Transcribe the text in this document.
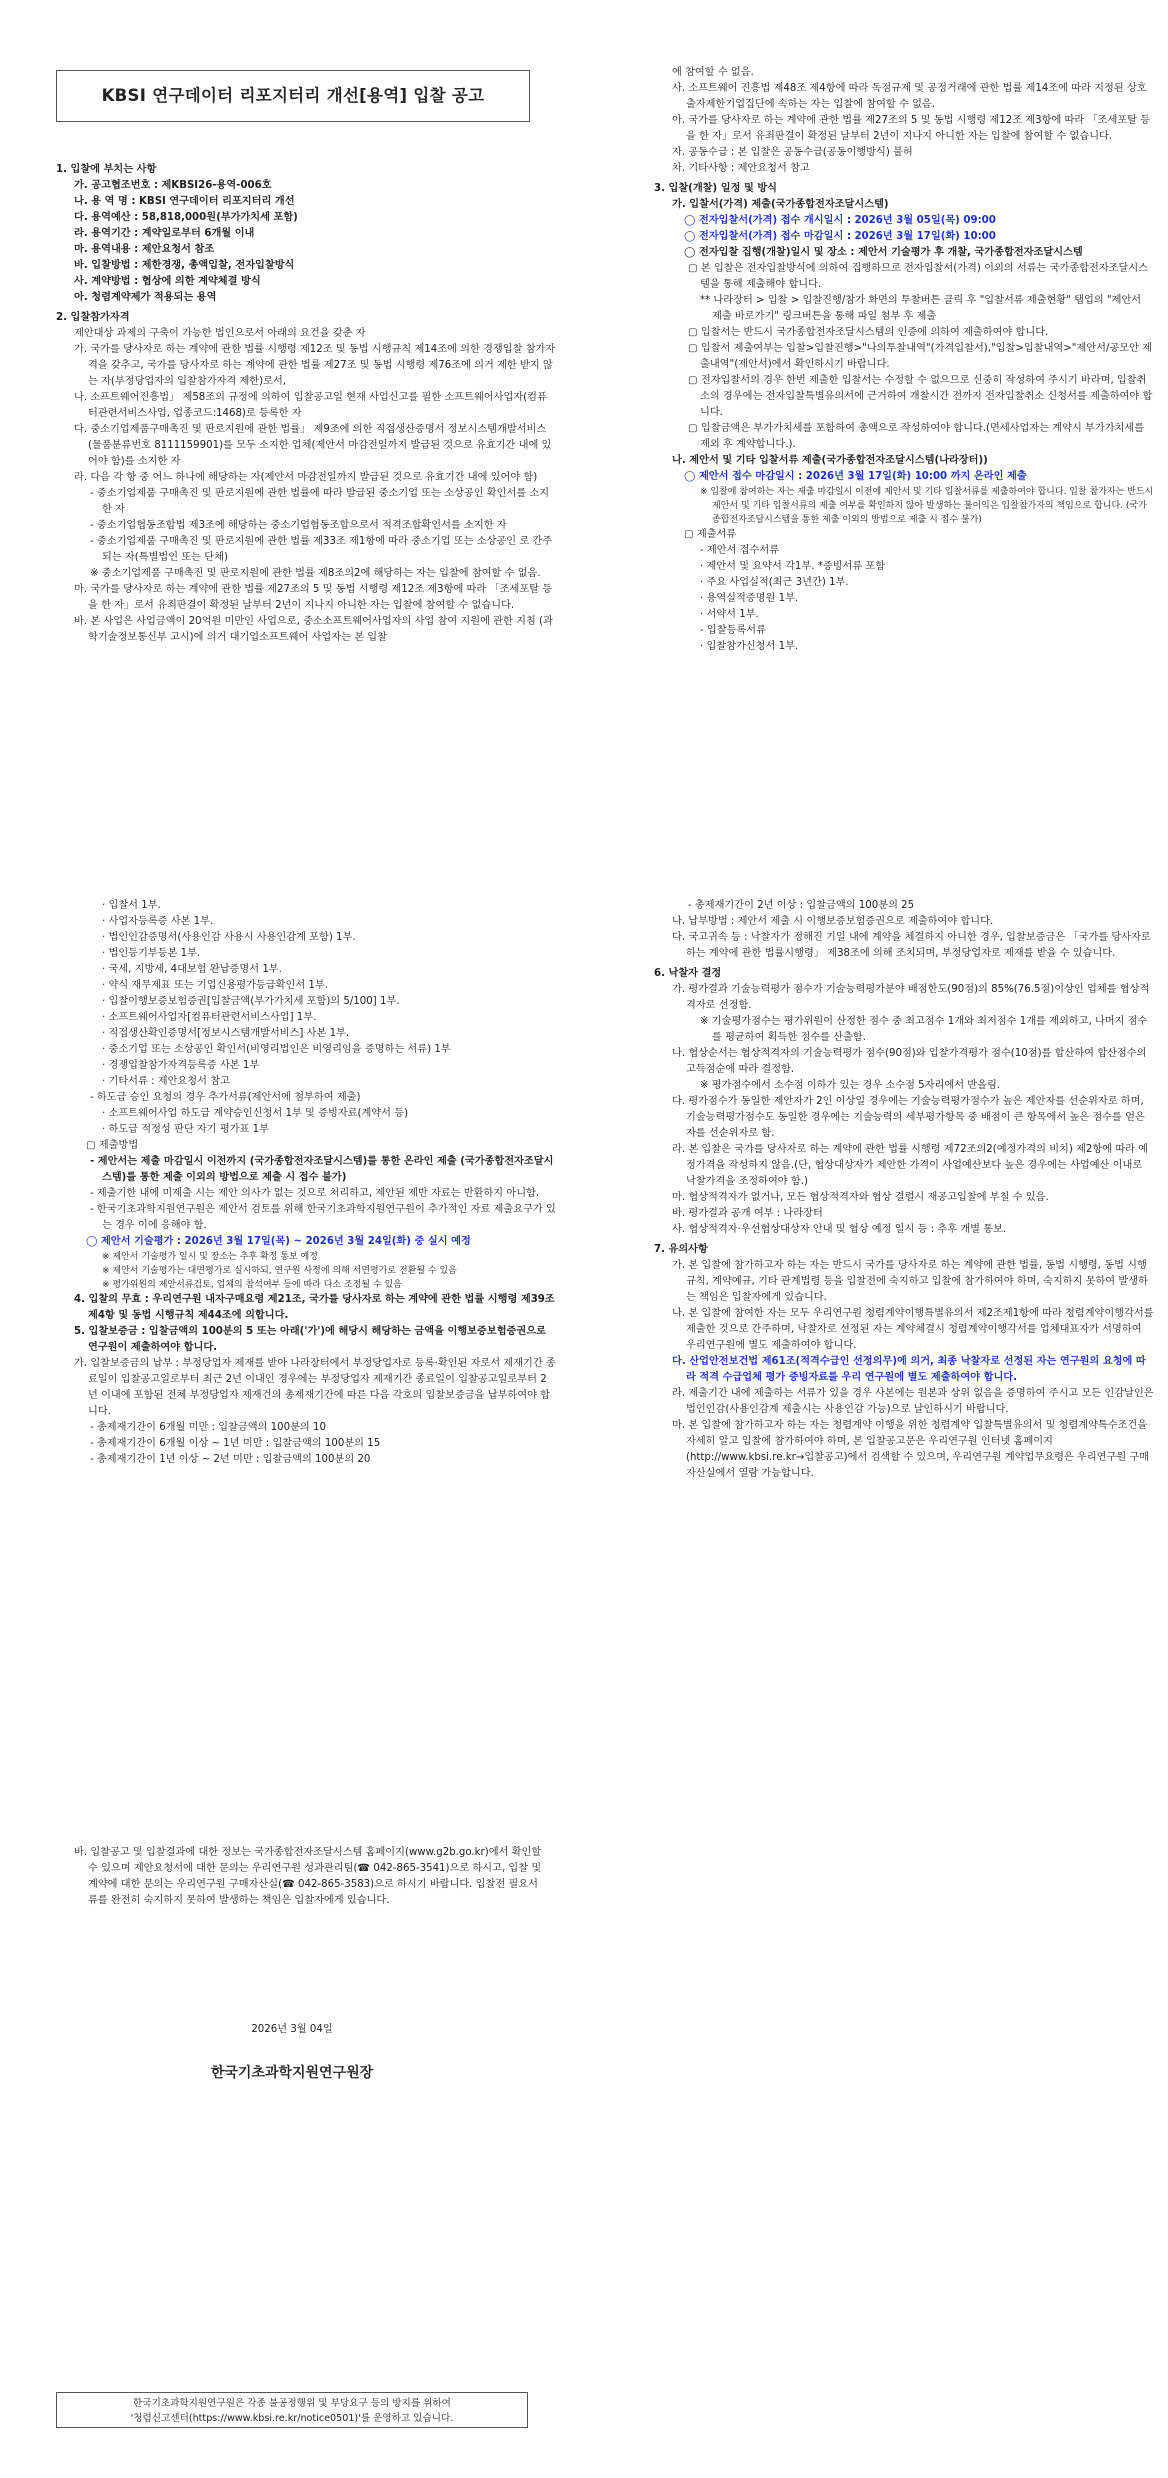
KBSI 연구데이터 리포지터리 개선[용역] 입찰 공고

1. 입찰에 부치는 사항

가. 공고협조번호 : 제KBSI26-용역-006호

나. 용 역 명 : KBSI 연구데이터 리포지터리 개선

다. 용역예산 : 58,818,000원(부가가치세 포함)

라. 용역기간 : 계약일로부터 6개월 이내

마. 용역내용 : 제안요청서 참조

바. 입찰방법 : 제한경쟁, 총액입찰, 전자입찰방식

사. 계약방법 : 협상에 의한 계약체결 방식

아. 청렴계약제가 적용되는 용역

2. 입찰참가자격

제안대상 과제의 구축이 가능한 법인으로서 아래의 요건을 갖춘 자

가. 국가를 당사자로 하는 계약에 관한 법률 시행령 제12조 및 동법 시행규칙 제14조에 의한 경쟁입찰 참가자격을 갖추고, 국가를 당사자로 하는 계약에 관한 법률 제27조 및 동법 시행령 제76조에 의거 제한 받지 않는 자(부정당업자의 입찰참가자격 제한)로서,

나. 소프트웨어진흥법」 제58조의 규정에 의하여 입찰공고일 현재 사업신고를 필한 소프트웨어사업자(컴퓨터관련서비스사업, 업종코드:1468)로 등록한 자

다. 중소기업제품구매촉진 및 판로지원에 관한 법률」 제9조에 의한 직접생산증명서 정보시스템개발서비스(물품분류번호 8111159901)를 모두 소지한 업체(제안서 마감전일까지 발급된 것으로 유효기간 내에 있어야 함)를 소지한 자

라. 다음 각 항 중 어느 하나에 해당하는 자(제안서 마감전일까지 발급된 것으로 유효기간 내에 있어야 함)

- 중소기업제품 구매촉진 및 판로지원에 관한 법률에 따라 발급된 중소기업 또는 소상공인 확인서를 소지한 자

- 중소기업협동조합법 제3조에 해당하는 중소기업협동조합으로서 적격조합확인서를 소지한 자

- 중소기업제품 구매촉진 및 판로지원에 관한 법률 제33조 제1항에 따라 중소기업 또는 소상공인 로 간주되는 자(특별법인 또는 단체)

※ 중소기업제품 구매촉진 및 판로지원에 관한 법률 제8조의2에 해당하는 자는 입찰에 참여할 수 없음.

마. 국가를 당사자로 하는 계약에 관한 법률 제27조의 5 및 동법 시행령 제12조 제3항에 따라 「조세포탈 등을 한 자」로서 유죄판결이 확정된 날부터 2년이 지나지 아니한 자는 입찰에 참여할 수 없습니다.

바. 본 사업은 사업금액이 20억원 미만인 사업으로, 중소소프트웨어사업자의 사업 참여 지원에 관한 지침 (과학기술정보통신부 고시)에 의거 대기업소프트웨어 사업자는 본 입찰

에 참여할 수 없음.

사. 소프트웨어 진흥법 제48조 제4항에 따라 독점규제 및 공정거래에 관한 법률 제14조에 따라 지정된 상호출자제한기업집단에 속하는 자는 입찰에 참여할 수 없음.

아. 국가를 당사자로 하는 계약에 관한 법률 제27조의 5 및 동법 시행령 제12조 제3항에 따라 「조세포탈 등을 한 자」로서 유죄판결이 확정된 날부터 2년이 지나지 아니한 자는 입찰에 참여할 수 없습니다.

자. 공동수급 : 본 입찰은 공동수급(공동이행방식) 불허

차. 기타사항 : 제안요청서 참고

3. 입찰(개찰) 일정 및 방식

가. 입찰서(가격) 제출(국가종합전자조달시스템)

◯ 전자입찰서(가격) 접수 개시일시 : 2026년 3월 05일(목) 09:00

◯ 전자입찰서(가격) 접수 마감일시 : 2026년 3월 17일(화) 10:00

◯ 전자입찰 집행(개찰)일시 및 장소 : 제안서 기술평가 후 개찰, 국가종합전자조달시스템

▢ 본 입찰은 전자입찰방식에 의하여 집행하므로 전자입찰서(가격) 이외의 서류는 국가종합전자조달시스템을 통해 제출해야 합니다.

** 나라장터 > 입찰 > 입찰진행/참가 화면의 투찰버튼 클릭 후 "입찰서류 제출현황" 탭업의 "제안서 제출 바로가기" 링크버튼을 통해 파일 첨부 후 제출

▢ 입찰서는 반드시 국가종합전자조달시스템의 인증에 의하여 제출하여야 합니다.

▢ 입찰서 제출여부는 입찰>입찰진행>"나의투찰내역"(가격입찰서),"입찰>입찰내역>"제안서/공모안 제출내역"(제안서)에서 확인하시기 바랍니다.

▢ 전자입찰서의 경우 한번 제출한 입찰서는 수정할 수 없으므로 신중히 작성하여 주시기 바라며, 입찰취소의 경우에는 전자입찰특별유의서에 근거하여 개찰시간 전까지 전자입찰취소 신청서를 제출하여야 합니다.

▢ 입찰금액은 부가가치세를 포함하여 총액으로 작성하여야 합니다.(면세사업자는 계약시 부가가치세를 제외 후 계약합니다.).

나. 제안서 및 기타 입찰서류 제출(국가종합전자조달시스템(나라장터))

◯ 제안서 접수 마감일시 : 2026년 3월 17일(화) 10:00 까지 온라인 제출

※ 입찰에 참여하는 자는 제출 마감일시 이전에 제안서 및 기타 입찰서류를 제출하여야 합니다. 입찰 참가자는 반드시 제안서 및 기타 입찰서류의 제출 여부를 확인하지 않아 발생하는 불이익은 입찰참가자의 책임으로 합니다. (국가종합전자조달시스템을 통한 제출 이외의 방법으로 제출 시 접수 불가)

▢ 제출서류

- 제안서 접수서류

· 제안서 및 요약서 각1부. *증빙서류 포함

· 주요 사업실적(최근 3년간) 1부.

· 용역실적증명원 1부.

· 서약서 1부.

- 입찰등록서류

· 입찰참가신청서 1부.

· 입찰서 1부.

· 사업자등록증 사본 1부.

· 법인인감증명서(사용인감 사용시 사용인감계 포함) 1부.

· 법인등기부등본 1부.

· 국세, 지방세, 4대보험 완납증명서 1부.

· 약식 재무제표 또는 기업신용평가등급확인서 1부.

· 입찰이행보증보험증권[입찰금액(부가가치세 포함)의 5/100] 1부.

· 소프트웨어사업자[컴퓨터관련서비스사업] 1부.

· 직접생산확인증명서[정보시스템개발서비스] 사본 1부.

· 중소기업 또는 소상공인 확인서(비영리법인은 비영리임을 증명하는 서류) 1부

· 경쟁입찰참가자격등록증 사본 1부

· 기타서류 : 제안요청서 참고

- 하도급 승인 요청의 경우 추가서류(제안서에 첨부하여 제출)

· 소프트웨어사업 하도급 계약승인신청서 1부 및 증빙자료(계약서 등)

· 하도급 적정성 판단 자기 평가표 1부

▢ 제출방법

- 제안서는 제출 마감일시 이전까지 (국가종합전자조달시스템)를 통한 온라인 제출 (국가종합전자조달시스템)를 통한 제출 이외의 방법으로 제출 시 접수 불가)

- 제출기한 내에 미제출 시는 제안 의사가 없는 것으로 처리하고, 제안된 제반 자료는 반환하지 아니함.

- 한국기초과학지원연구원은 제안서 검토를 위해 한국기초과학지원연구원이 추가적인 자료 제출요구가 있는 경우 이에 응해야 함.

◯ 제안서 기술평가 : 2026년 3월 17일(목) ~ 2026년 3월 24일(화) 중 실시 예정

※ 제안서 기술평가 일시 및 장소는 추후 확정 통보 예정

※ 제안서 기술평가는 대면평가로 실시하되, 연구원 사정에 의해 서면평가로 전환될 수 있음

※ 평가위원의 제안서류검토, 업체의 참석여부 등에 따라 다소 조정될 수 있음

4. 입찰의 무효 : 우리연구원 내자구매요령 제21조, 국가를 당사자로 하는 계약에 관한 법률 시행령 제39조제4항 및 동법 시행규칙 제44조에 의합니다.

5. 입찰보증금 : 입찰금액의 100분의 5 또는 아래('가')에 해당시 해당하는 금액을 이행보증보험증권으로 연구원이 제출하여야 합니다.

가. 입찰보증금의 납부 : 부정당업자 제재를 받아 나라장터에서 부정당업자로 등록·확인된 자로서 제재기간 종료일이 입찰공고일로부터 최근 2년 이내인 경우에는 부정당업자 제재기간 종료일이 입찰공고일로부터 2년 이내에 포함된 전체 부정당업자 제재건의 총제재기간에 따른 다음 각호의 입찰보증금을 납부하여야 합니다.

- 총제재기간이 6개월 미만 : 입찰금액의 100분의 10

- 총제재기간이 6개월 이상 ~ 1년 미만 : 입찰금액의 100분의 15

- 총제재기간이 1년 이상 ~ 2년 미만 : 입찰금액의 100분의 20

- 총제재기간이 2년 이상 : 입찰금액의 100분의 25

나. 납부방법 : 제안서 제출 시 이행보증보험증권으로 제출하여야 합니다.

다. 국고귀속 등 : 낙찰자가 정해진 기일 내에 계약을 체결하지 아니한 경우, 입찰보증금은 「국가를 당사자로 하는 계약에 관한 법률시행령」 제38조에 의해 조치되며, 부정당업자로 제재를 받을 수 있습니다.

6. 낙찰자 결정

가. 평가결과 기술능력평가 점수가 기술능력평가분야 배점한도(90점)의 85%(76.5점)이상인 업체를 협상적격자로 선정함.

※ 기술평가점수는 평가위원이 산정한 점수 중 최고점수 1개와 최저점수 1개를 제외하고, 나머지 점수를 평균하여 획득한 점수를 산출함.

나. 협상순서는 협상적격자의 기술능력평가 점수(90점)와 입찰가격평가 점수(10점)를 합산하여 합산점수의 고득점순에 따라 결정함.

※ 평가점수에서 소수점 이하가 있는 경우 소수점 5자리에서 반올림.

다. 평가점수가 동일한 제안자가 2인 이상일 경우에는 기술능력평가점수가 높은 제안자를 선순위자로 하며, 기술능력평가점수도 동일한 경우에는 기술능력의 세부평가항목 중 배점이 큰 항목에서 높은 점수를 얻은 자를 선순위자로 함.

라. 본 입찰은 국가를 당사자로 하는 계약에 관한 법률 시행령 제72조의2(예정가격의 비치) 제2항에 따라 예정가격을 작성하지 않음.(단, 협상대상자가 제안한 가격이 사업예산보다 높은 경우에는 사업예산 이내로 낙찰가격을 조정하여야 함.)

마. 협상적격자가 없거나, 모든 협상적격자와 협상 결렬시 재공고입찰에 부칠 수 있음.

바. 평가결과 공개 여부 : 나라장터

사. 협상적격자·우선협상대상자 안내 및 협상 예정 일시 등 : 추후 개별 통보.

7. 유의사항

가. 본 입찰에 참가하고자 하는 자는 반드시 국가를 당사자로 하는 계약에 관한 법률, 동법 시행령, 동법 시행규칙, 계약예규, 기타 관계법령 등을 입찰전에 숙지하고 입찰에 참가하여야 하며, 숙지하지 못하여 발생하는 책임은 입찰자에게 있습니다.

나. 본 입찰에 참여한 자는 모두 우리연구원 청렴계약이행특별유의서 제2조제1항에 따라 청렴계약이행각서를 제출한 것으로 간주하며, 낙찰자로 선정된 자는 계약체결시 청렴계약이행각서를 업체대표자가 서명하여 우리연구원에 별도 제출하여야 합니다.

다. 산업안전보건법 제61조(적격수급인 선정의무)에 의거, 최종 낙찰자로 선정된 자는 연구원의 요청에 따라 적격 수급업체 평가 증빙자료를 우리 연구원에 별도 제출하여야 합니다.

라. 제출기간 내에 제출하는 서류가 있을 경우 사본에는 원본과 상위 없음을 증명하여 주시고 모든 인감날인은 법인인감(사용인감계 제출시는 사용인감 가능)으로 날인하시기 바랍니다.

마. 본 입찰에 참가하고자 하는 자는 청렴계약 이행을 위한 청렴계약 입찰특별유의서 및 청렴계약특수조건을 자세히 알고 입찰에 참가하여야 하며, 본 입찰공고문은 우리연구원 인터넷 홈페이지(http://www.kbsi.re.kr→입찰공고)에서 검색할 수 있으며, 우리연구원 계약업무요령은 우리연구원 구매자산실에서 열람 가능합니다.

바. 입찰공고 및 입찰결과에 대한 정보는 국가종합전자조달시스템 홈페이지(www.g2b.go.kr)에서 확인할 수 있으며 제안요청서에 대한 문의는 우리연구원 성과관리팀(☎ 042-865-3541)으로 하시고, 입찰 및 계약에 대한 문의는 우리연구원 구매자산실(☎ 042-865-3583)으로 하시기 바랍니다. 입찰전 필요서류를 완전히 숙지하지 못하여 발생하는 책임은 입찰자에게 있습니다.

2026년 3월 04일
한국기초과학지원연구원장
한국기초과학지원연구원은 각종 불공정행위 및 부당요구 등의 방지를 위하여
'청렴신고센터(https://www.kbsi.re.kr/notice0501)'를 운영하고 있습니다.
